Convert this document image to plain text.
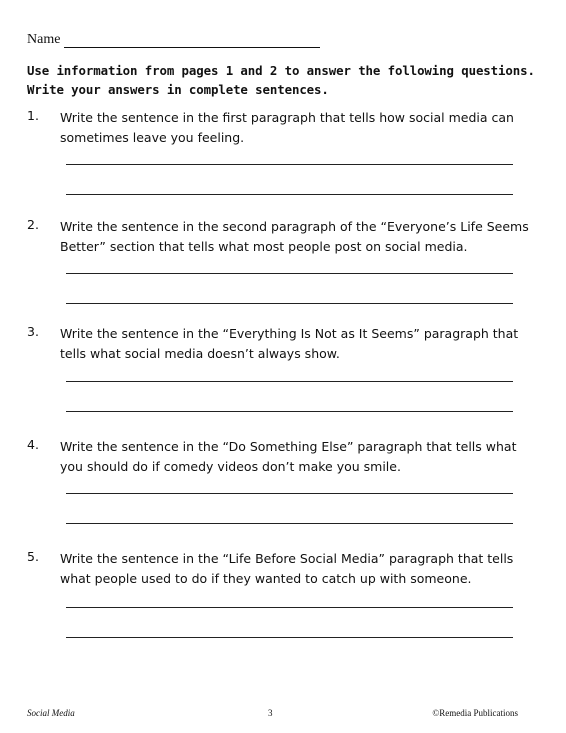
Name
Use information from pages 1 and 2 to answer the following questions.
Write your answers in complete sentences.
1. Write the sentence in the first paragraph that tells how social media can
sometimes leave you feeling.
2. Write the sentence in the second paragraph of the “Everyone’s Life Seems
Better” section that tells what most people post on social media.
3. Write the sentence in the “Everything Is Not as It Seems” paragraph that
tells what social media doesn’t always show.
4. Write the sentence in the “Do Something Else” paragraph that tells what
you should do if comedy videos don’t make you smile.
5. Write the sentence in the “Life Before Social Media” paragraph that tells
what people used to do if they wanted to catch up with someone.
Social Media	3	©Remedia Publications
